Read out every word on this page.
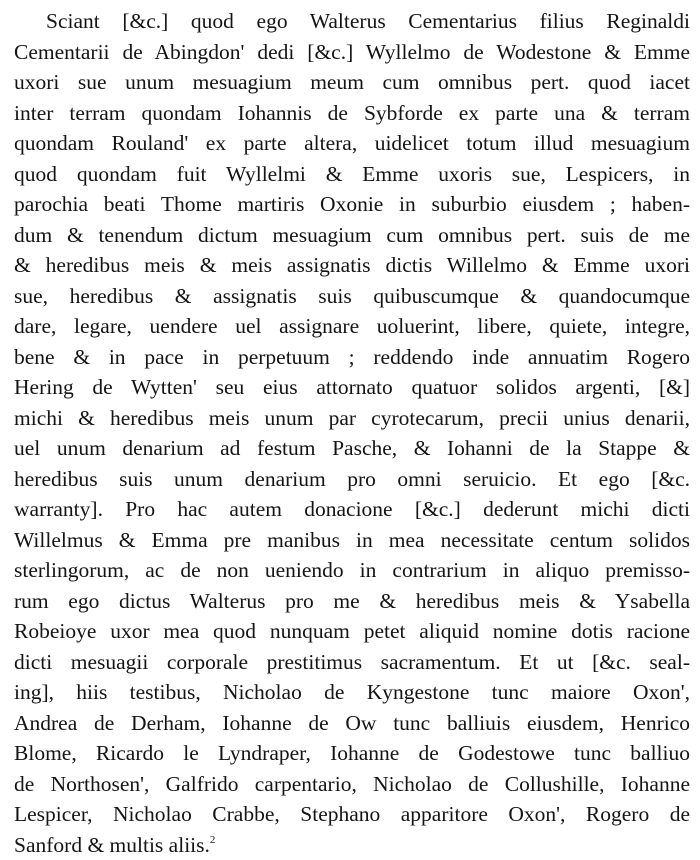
Sciant [&c.] quod ego Walterus Cementarius filius Reginaldi
Cementarii de Abingdon' dedi [&c.] Wyllelmo de Wodestone & Emme
uxori sue unum mesuagium meum cum omnibus pert. quod iacet
inter terram quondam Iohannis de Sybforde ex parte una & terram
quondam Rouland' ex parte altera, uidelicet totum illud mesuagium
quod quondam fuit Wyllelmi & Emme uxoris sue, Lespicers, in
parochia beati Thome martiris Oxonie in suburbio eiusdem ; haben-
dum & tenendum dictum mesuagium cum omnibus pert. suis de me
& heredibus meis & meis assignatis dictis Willelmo & Emme uxori
sue, heredibus & assignatis suis quibuscumque & quandocumque
dare, legare, uendere uel assignare uoluerint, libere, quiete, integre,
bene & in pace in perpetuum ; reddendo inde annuatim Rogero
Hering de Wytten' seu eius attornato quatuor solidos argenti, [&]
michi & heredibus meis unum par cyrotecarum, precii unius denarii,
uel unum denarium ad festum Pasche, & Iohanni de la Stappe &
heredibus suis unum denarium pro omni seruicio. Et ego [&c.
warranty]. Pro hac autem donacione [&c.] dederunt michi dicti
Willelmus & Emma pre manibus in mea necessitate centum solidos
sterlingorum, ac de non ueniendo in contrarium in aliquo premisso-
rum ego dictus Walterus pro me & heredibus meis & Ysabella
Robeioye uxor mea quod nunquam petet aliquid nomine dotis racione
dicti mesuagii corporale prestitimus sacramentum. Et ut [&c. seal-
ing], hiis testibus, Nicholao de Kyngestone tunc maiore Oxon',
Andrea de Derham, Iohanne de Ow tunc balliuis eiusdem, Henrico
Blome, Ricardo le Lyndraper, Iohanne de Godestowe tunc balliuo
de Northosen', Galfrido carpentario, Nicholao de Collushille, Iohanne
Lespicer, Nicholao Crabbe, Stephano apparitore Oxon', Rogero de
Sanford & multis aliis.$^2$
